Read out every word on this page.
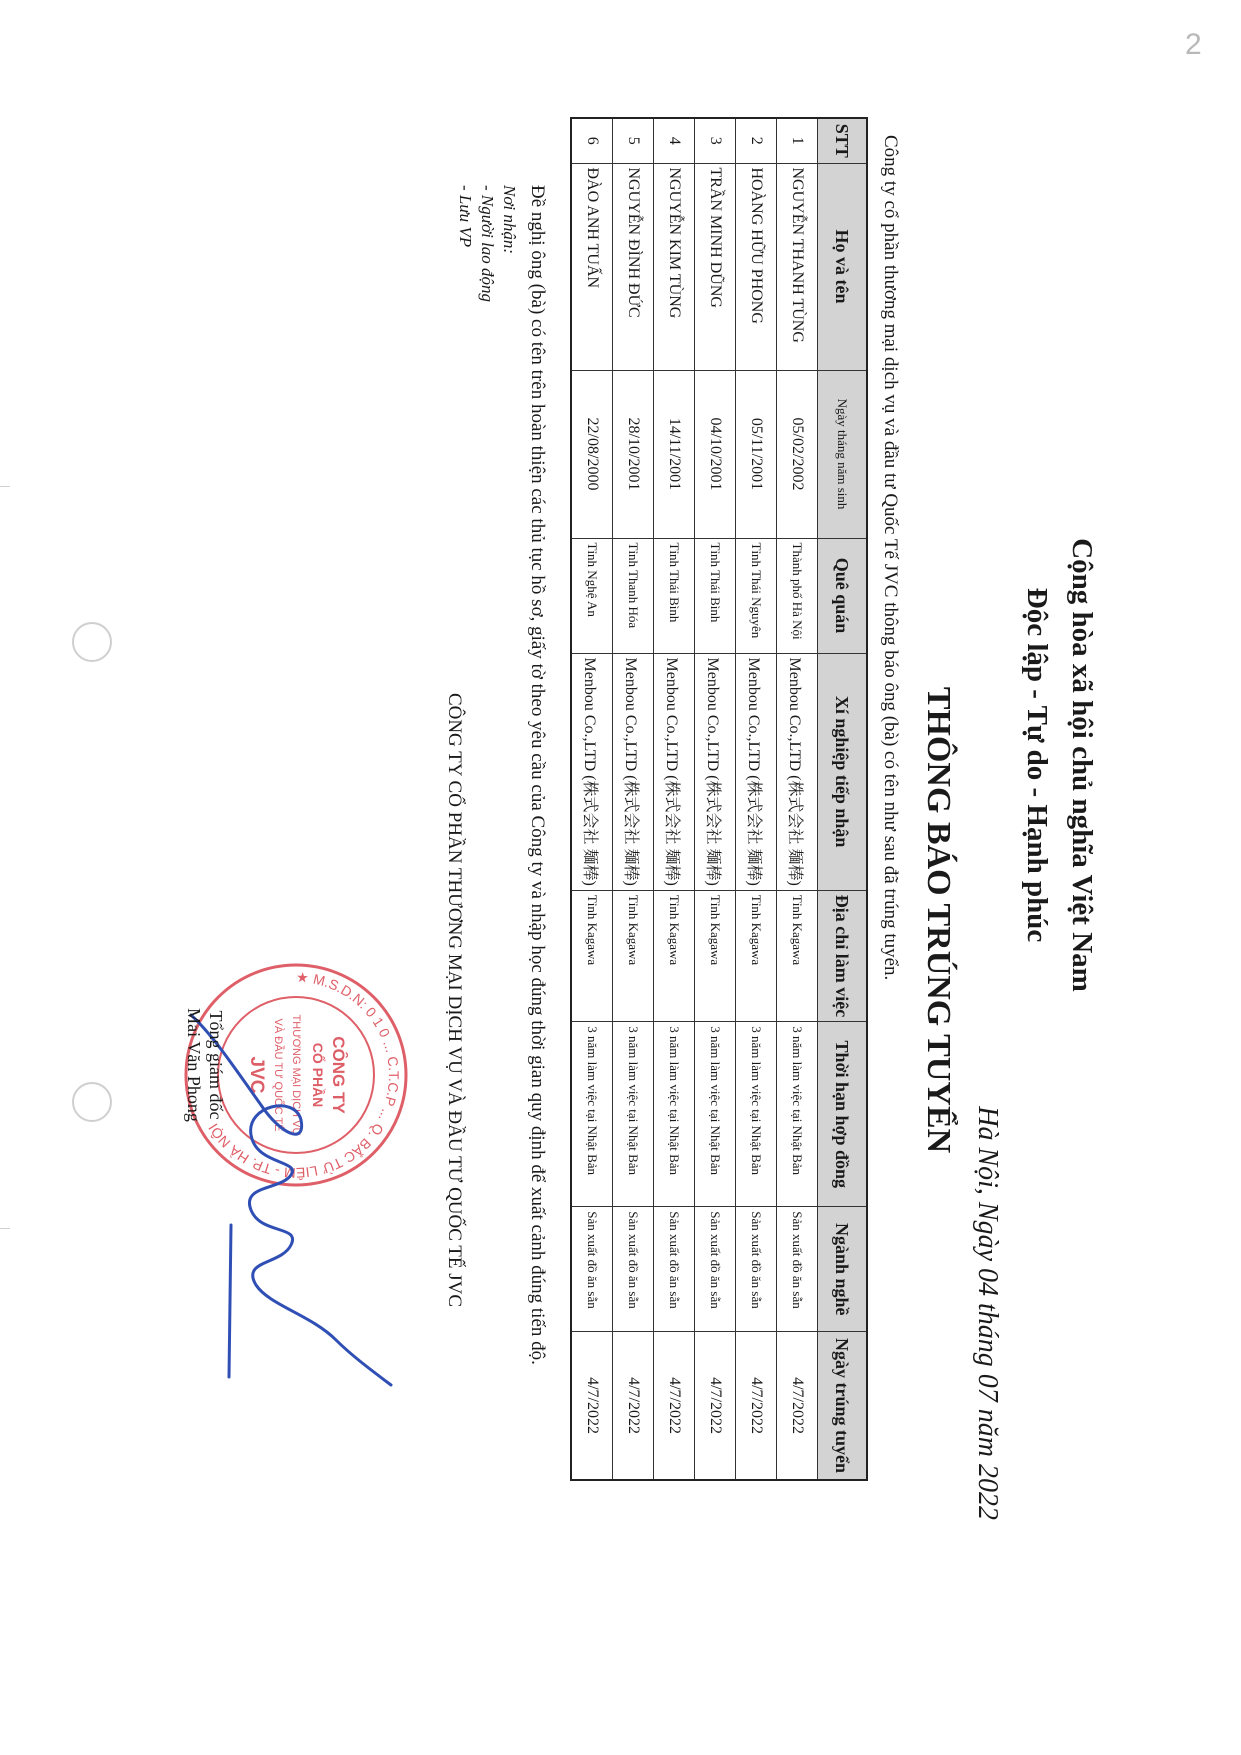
2
Cộng hòa xã hội chủ nghĩa Việt Nam
Độc lập - Tự do - Hạnh phúc
Hà Nội, Ngày 04 tháng 07 năm 2022
THÔNG BÁO TRÚNG TUYỂN
Công ty cổ phần thương mại dịch vụ và đầu tư Quốc Tế JVC thông báo ông (bà) có tên như sau đã trúng tuyển.
STT	Họ và tên	Ngày tháng năm sinh	Quê quán	Xí nghiệp tiếp nhận	Địa chỉ làm việc	Thời hạn hợp đồng	Ngành nghề	Ngày trúng tuyển
1	NGUYỄN THANH TÙNG	05/02/2002	Thành phố Hà Nội	Menbou Co.,LTD (株式会社 麺棒)	Tỉnh Kagawa	3 năm làm việc tại Nhật Bản	Sản xuất đồ ăn sẵn	4/7/2022
2	HOÀNG HỮU PHONG	05/11/2001	Tỉnh Thái Nguyên	Menbou Co.,LTD (株式会社 麺棒)	Tỉnh Kagawa	3 năm làm việc tại Nhật Bản	Sản xuất đồ ăn sẵn	4/7/2022
3	TRẦN MINH DŨNG	04/10/2001	Tỉnh Thái Bình	Menbou Co.,LTD (株式会社 麺棒)	Tỉnh Kagawa	3 năm làm việc tại Nhật Bản	Sản xuất đồ ăn sẵn	4/7/2022
4	NGUYỄN KIM TÙNG	14/11/2001	Tỉnh Thái Bình	Menbou Co.,LTD (株式会社 麺棒)	Tỉnh Kagawa	3 năm làm việc tại Nhật Bản	Sản xuất đồ ăn sẵn	4/7/2022
5	NGUYỄN ĐÌNH ĐỨC	28/10/2001	Tỉnh Thanh Hóa	Menbou Co.,LTD (株式会社 麺棒)	Tỉnh Kagawa	3 năm làm việc tại Nhật Bản	Sản xuất đồ ăn sẵn	4/7/2022
6	ĐÀO ANH TUẤN	22/08/2000	Tỉnh Nghệ An	Menbou Co.,LTD (株式会社 麺棒)	Tỉnh Kagawa	3 năm làm việc tại Nhật Bản	Sản xuất đồ ăn sẵn	4/7/2022
Đề nghị ông (bà) có tên trên hoàn thiện các thủ tục hồ sơ, giấy tờ theo yêu cầu của Công ty và nhập học đúng thời gian quy định để xuất cảnh đúng tiến độ.
Nơi nhận:
- Người lao động
- Lưu VP
CÔNG TY CỔ PHẦN THƯƠNG MẠI DỊCH VỤ VÀ ĐẦU TƯ QUỐC TẾ JVC
★ M.S.D.N: 0 1 0 ... C.T.C.P ... Q. BẮC TỪ LIÊM - TP. HÀ NỘI
CÔNG TY
CỔ PHẦN
THƯƠNG MẠI DỊCH VỤ
VÀ ĐẦU TƯ QUỐC TẾ
JVC
Tổng giám đốc
Mai Văn Phong
